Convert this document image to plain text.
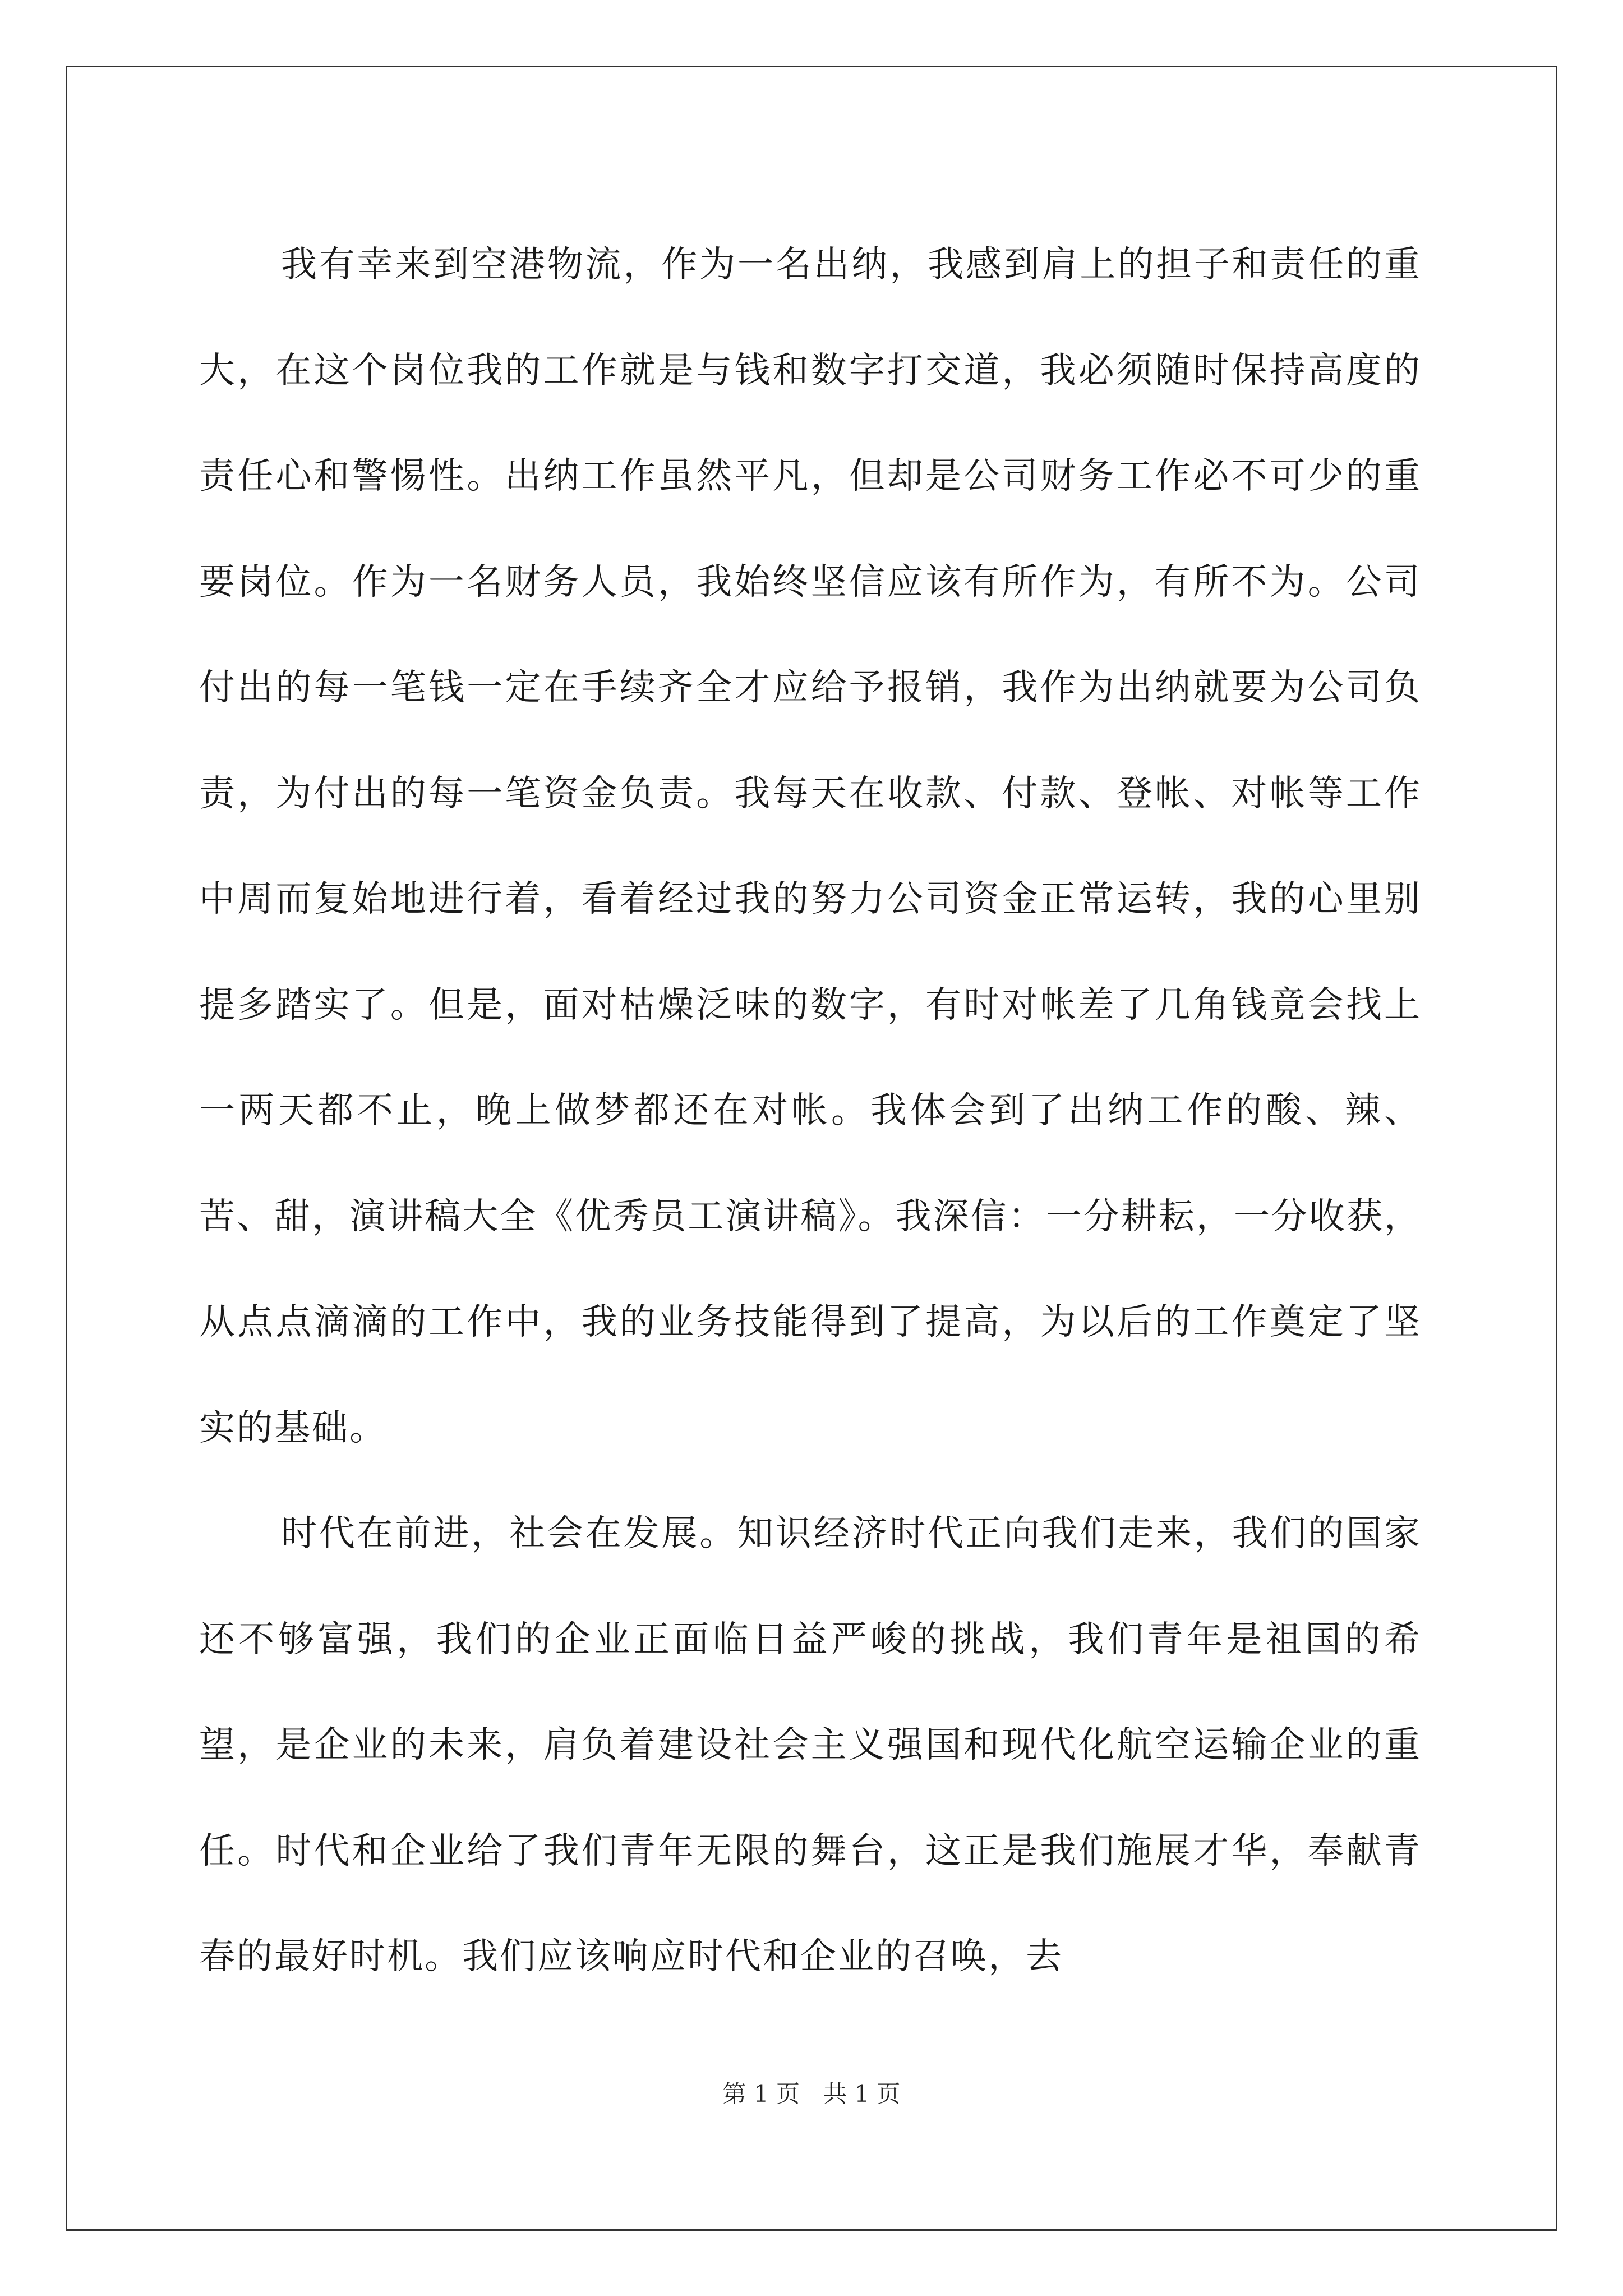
我有幸来到空港物流，作为一名出纳，我感到肩上的担子和责任的重大，在这个岗位我的工作就是与钱和数字打交道，我必须随时保持高度的责任心和警惕性。出纳工作虽然平凡，但却是公司财务工作必不可少的重要岗位。作为一名财务人员，我始终坚信应该有所作为，有所不为。公司付出的每一笔钱一定在手续齐全才应给予报销，我作为出纳就要为公司负责，为付出的每一笔资金负责。我每天在收款、付款、登帐、对帐等工作中周而复始地进行着，看着经过我的努力公司资金正常运转，我的心里别提多踏实了。但是，面对枯燥泛味的数字，有时对帐差了几角钱竟会找上一两天都不止，晚上做梦都还在对帐。我体会到了出纳工作的酸、辣、苦、甜，演讲稿大全《优秀员工演讲稿》。我深信：一分耕耘，一分收获，从点点滴滴的工作中，我的业务技能得到了提高，为以后的工作奠定了坚实的基础。

时代在前进，社会在发展。知识经济时代正向我们走来，我们的国家还不够富强，我们的企业正面临日益严峻的挑战，我们青年是祖国的希望，是企业的未来，肩负着建设社会主义强国和现代化航空运输企业的重任。时代和企业给了我们青年无限的舞台，这正是我们施展才华，奉献青春的最好时机。我们应该响应时代和企业的召唤，去

第 1 页　共 1 页
